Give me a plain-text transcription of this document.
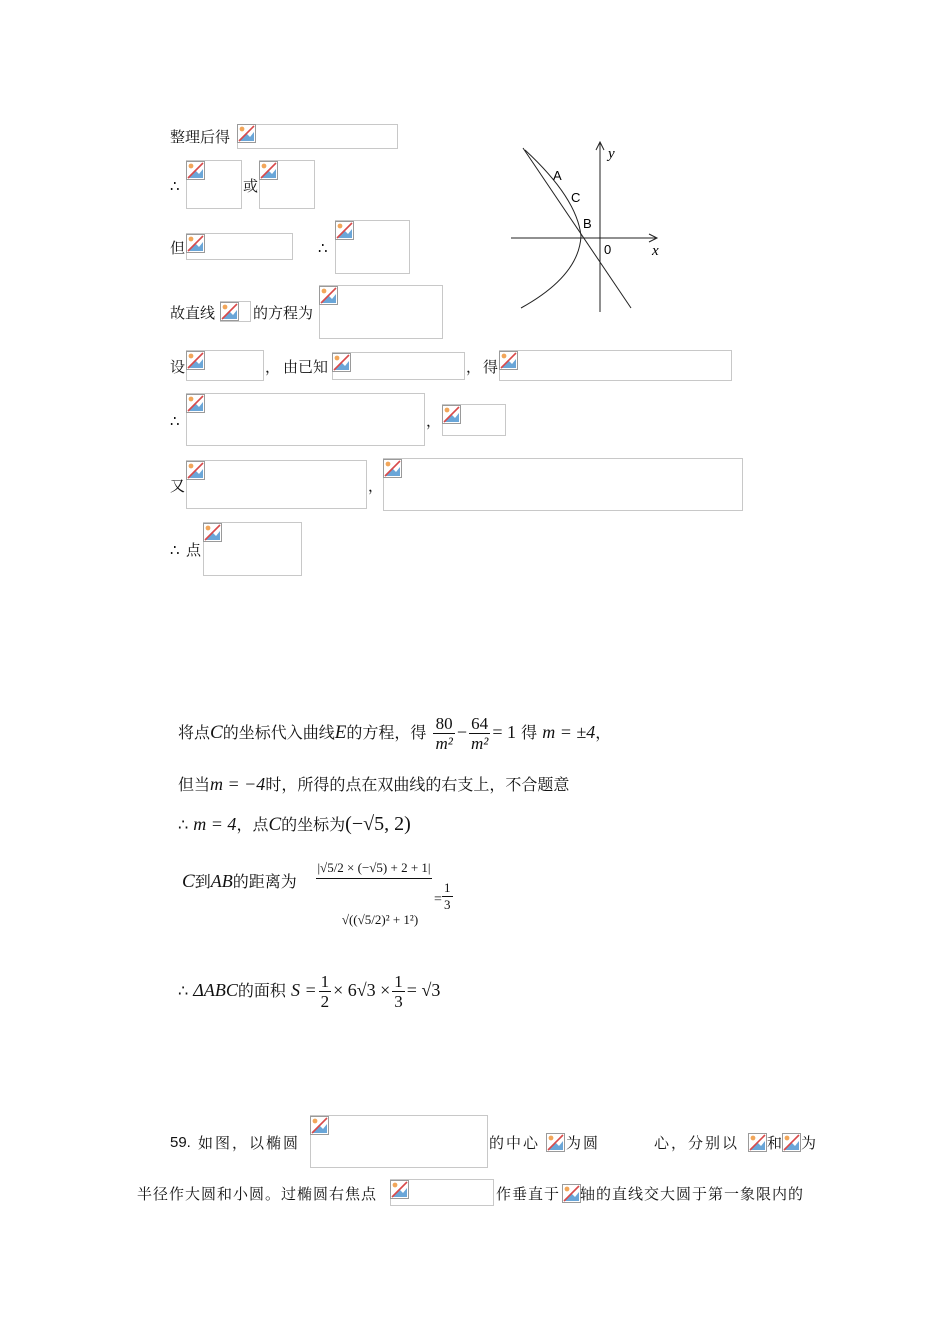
整理后得
∴	或
但	∴
故直线	的方程为
设	， 由已知	， 得
∴	，
又	，
∴ 点
x
y
0
A
C
B
将点C的坐标代入曲线E的方程，得 $\frac{80}{\text{m²}} - \frac{64}{\text{m²}} = 1$ 得 m = ±4，
但当m = −4时，所得的点在双曲线的右支上，不合题意
∴ m = 4，点C的坐标为(−√5, 2)
C到AB的距离为
|√5/2 × (−√5) + 2 + 1|
√((√5/2)² + 1²)
= $\frac{1}{3}$
∴ ΔABC的面积 $S = \frac{1}{2} \times 6√3 \times \frac{1}{3} = √3$
59. 如图，以椭圆	的中心 为圆	心，分别以 和 为
半径作大圆和小圆。过椭圆右焦点	作垂直于 轴的直线交大圆于第一象限内的
